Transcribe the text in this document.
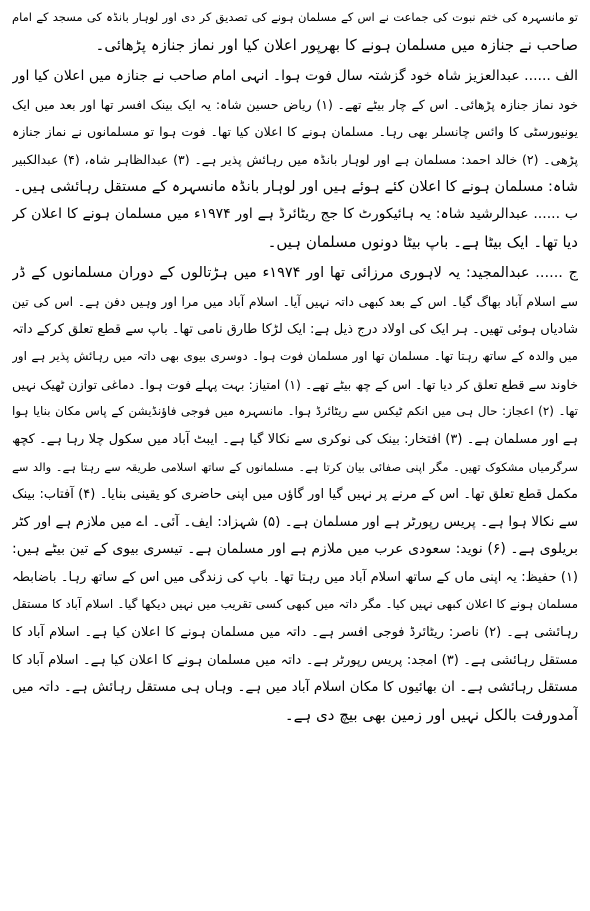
تو مانسہرہ کی ختم نبوت کی جماعت نے اس کے مسلمان ہونے کی تصدیق کر دی اور لوہار بانڈہ کی مسجد کے امام
صاحب نے جنازہ میں مسلمان ہونے کا بھرپور اعلان کیا اور نماز جنازہ پڑھائی۔
الف ...... عبدالعزیز شاہ خود گزشتہ سال فوت ہوا۔ انہی امام صاحب نے جنازہ میں اعلان کیا اور
خود نماز جنازہ پڑھائی۔ اس کے چار بیٹے تھے۔ (۱) ریاض حسین شاہ: یہ ایک بینک افسر تھا اور بعد میں ایک
یونیورسٹی کا وائس چانسلر بھی رہا۔ مسلمان ہونے کا اعلان کیا تھا۔ فوت ہوا تو مسلمانوں نے نماز جنازہ
پڑھی۔ (۲) خالد احمد: مسلمان ہے اور لوہار بانڈہ میں رہائش پذیر ہے۔ (۳) عبدالظاہر شاہ، (۴) عبدالکبیر
شاہ: مسلمان ہونے کا اعلان کئے ہوئے ہیں اور لوہار بانڈہ مانسہرہ کے مستقل رہائشی ہیں۔
ب ...... عبدالرشید شاہ: یہ ہائیکورٹ کا جج ریٹائرڈ ہے اور ۱۹۷۴ء میں مسلمان ہونے کا اعلان کر
دیا تھا۔ ایک بیٹا ہے۔ باپ بیٹا دونوں مسلمان ہیں۔
ج ...... عبدالمجید: یہ لاہوری مرزائی تھا اور ۱۹۷۴ء میں ہڑتالوں کے دوران مسلمانوں کے ڈر
سے اسلام آباد بھاگ گیا۔ اس کے بعد کبھی داتہ نہیں آیا۔ اسلام آباد میں مرا اور وہیں دفن ہے۔ اس کی تین
شادیاں ہوئی تھیں۔ ہر ایک کی اولاد درج ذیل ہے: ایک لڑکا طارق نامی تھا۔ باپ سے قطع تعلق کرکے داتہ
میں والدہ کے ساتھ رہتا تھا۔ مسلمان تھا اور مسلمان فوت ہوا۔ دوسری بیوی بھی داتہ میں رہائش پذیر ہے اور
خاوند سے قطع تعلق کر دیا تھا۔ اس کے چھ بیٹے تھے۔ (۱) امتیاز: بہت پہلے فوت ہوا۔ دماغی توازن ٹھیک نہیں
تھا۔ (۲) اعجاز: حال ہی میں انکم ٹیکس سے ریٹائرڈ ہوا۔ مانسہرہ میں فوجی فاؤنڈیشن کے پاس مکان بنایا ہوا
ہے اور مسلمان ہے۔ (۳) افتخار: بینک کی نوکری سے نکالا گیا ہے۔ ایبٹ آباد میں سکول چلا رہا ہے۔ کچھ
سرگرمیاں مشکوک تھیں۔ مگر اپنی صفائی بیان کرتا ہے۔ مسلمانوں کے ساتھ اسلامی طریقہ سے رہتا ہے۔ والد سے
مکمل قطع تعلق تھا۔ اس کے مرنے پر نہیں گیا اور گاؤں میں اپنی حاضری کو یقینی بنایا۔ (۴) آفتاب: بینک
سے نکالا ہوا ہے۔ پریس رپورٹر ہے اور مسلمان ہے۔ (۵) شہزاد: ایف۔ آئی۔ اے میں ملازم ہے اور کٹر
بریلوی ہے۔ (۶) نوید: سعودی عرب میں ملازم ہے اور مسلمان ہے۔ تیسری بیوی کے تین بیٹے ہیں:
(۱) حفیظ: یہ اپنی ماں کے ساتھ اسلام آباد میں رہتا تھا۔ باپ کی زندگی میں اس کے ساتھ رہا۔ باضابطہ
مسلمان ہونے کا اعلان کبھی نہیں کیا۔ مگر داتہ میں کبھی کسی تقریب میں نہیں دیکھا گیا۔ اسلام آباد کا مستقل
رہائشی ہے۔ (۲) ناصر: ریٹائرڈ فوجی افسر ہے۔ داتہ میں مسلمان ہونے کا اعلان کیا ہے۔ اسلام آباد کا
مستقل رہائشی ہے۔ (۳) امجد: پریس رپورٹر ہے۔ داتہ میں مسلمان ہونے کا اعلان کیا ہے۔ اسلام آباد کا
مستقل رہائشی ہے۔ ان بھائیوں کا مکان اسلام آباد میں ہے۔ وہاں ہی مستقل رہائش ہے۔ داتہ میں
آمدورفت بالکل نہیں اور زمین بھی بیچ دی ہے۔
